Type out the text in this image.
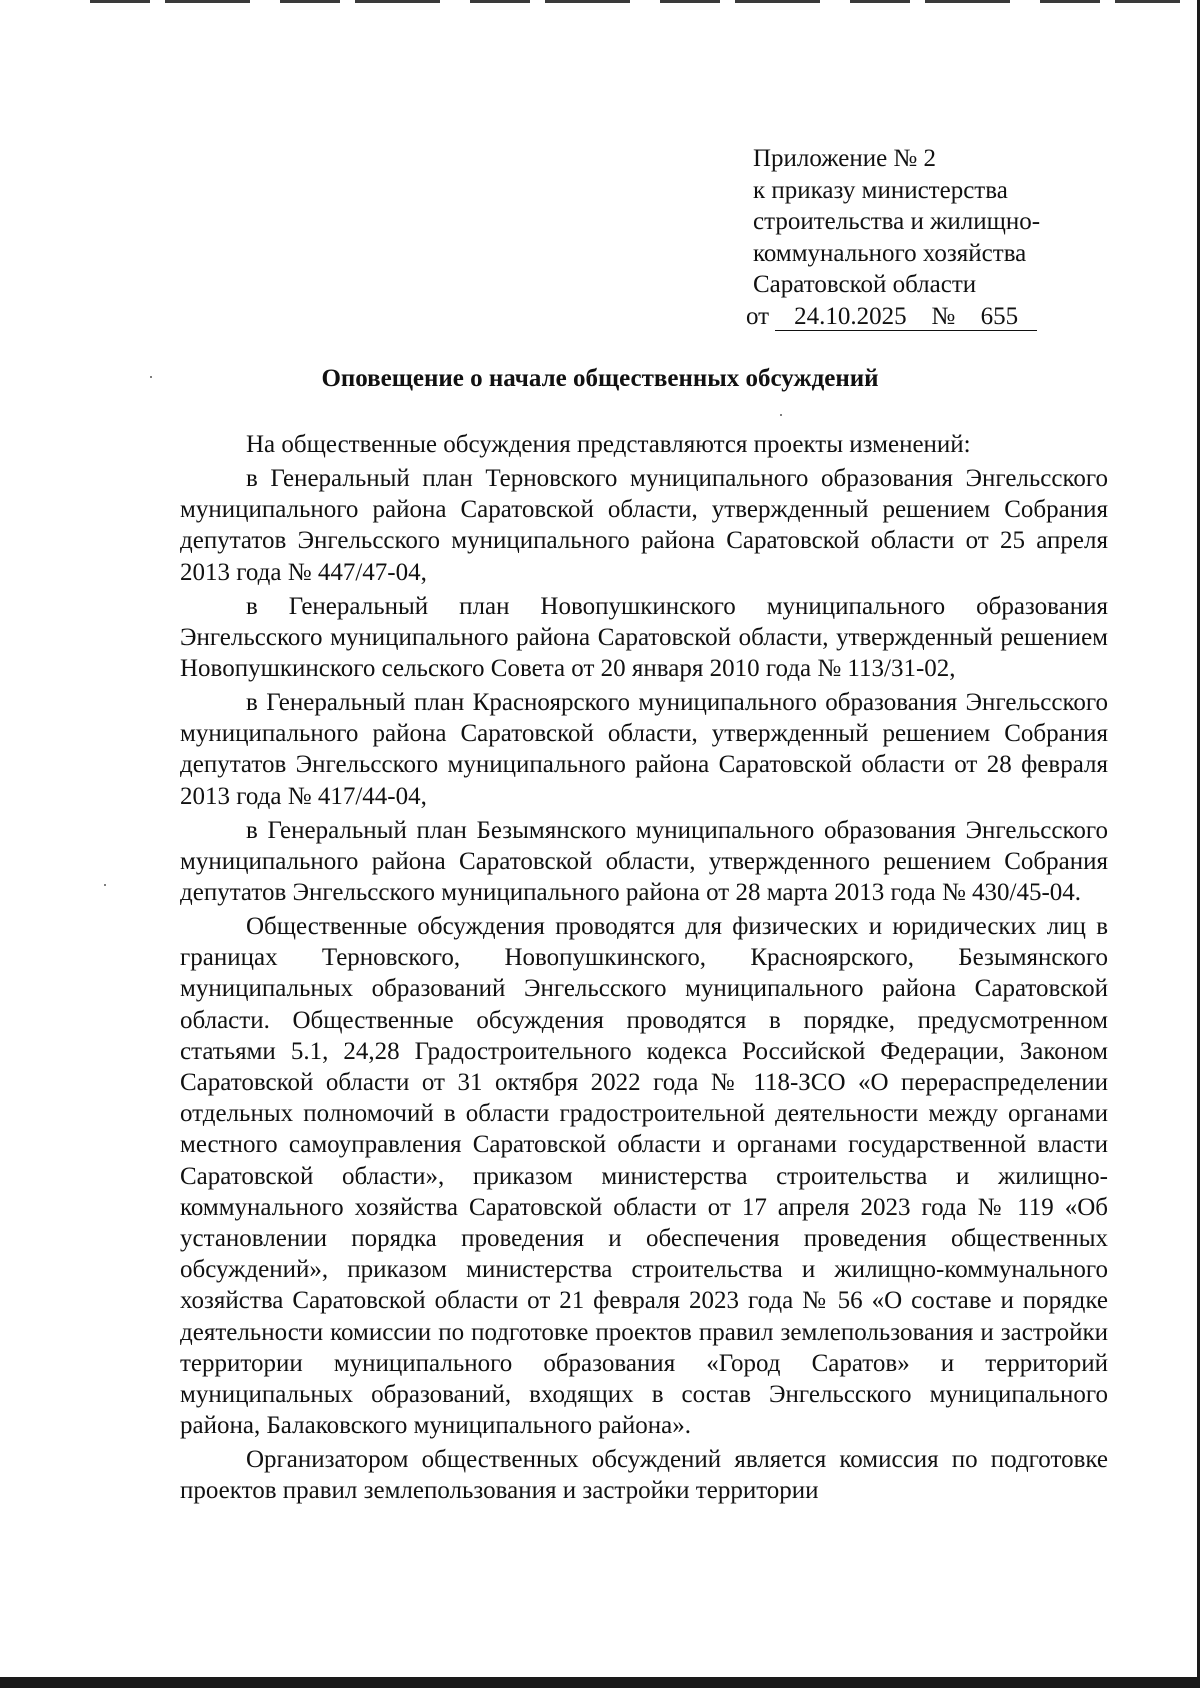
Приложение № 2
к приказу министерства
строительства и жилищно-
коммунального хозяйства
Саратовской области
от 24.10.2025 № 655
Оповещение о начале общественных обсуждений

На общественные обсуждения представляются проекты изменений:

в Генеральный план Терновского муниципального образования Энгельсского муниципального района Саратовской области, утвержденный решением Собрания депутатов Энгельсского муниципального района Саратовской области от 25 апреля 2013 года № 447/47-04,

в Генеральный план Новопушкинского муниципального образования Энгельсского муниципального района Саратовской области, утвержденный решением Новопушкинского сельского Совета от 20 января 2010 года № 113/31-02,

в Генеральный план Красноярского муниципального образования Энгельсского муниципального района Саратовской области, утвержденный решением Собрания депутатов Энгельсского муниципального района Саратовской области от 28 февраля 2013 года № 417/44-04,

в Генеральный план Безымянского муниципального образования Энгельсского муниципального района Саратовской области, утвержденного решением Собрания депутатов Энгельсского муниципального района от 28 марта 2013 года № 430/45-04.

Общественные обсуждения проводятся для физических и юридических лиц в границах Терновского, Новопушкинского, Красноярского, Безымянского муниципальных образований Энгельсского муниципального района Саратовской области. Общественные обсуждения проводятся в порядке, предусмотренном статьями 5.1, 24,28 Градостроительного кодекса Российской Федерации, Законом Саратовской области от 31 октября 2022 года № 118-ЗСО «О перераспределении отдельных полномочий в области градостроительной деятельности между органами местного самоуправления Саратовской области и органами государственной власти Саратовской области», приказом министерства строительства и жилищно-коммунального хозяйства Саратовской области от 17 апреля 2023 года № 119 «Об установлении порядка проведения и обеспечения проведения общественных обсуждений», приказом министерства строительства и жилищно-коммунального хозяйства Саратовской области от 21 февраля 2023 года № 56 «О составе и порядке деятельности комиссии по подготовке проектов правил землепользования и застройки территории муниципального образования «Город Саратов» и территорий муниципальных образований, входящих в состав Энгельсского муниципального района, Балаковского муниципального района».

Организатором общественных обсуждений является комиссия по подготовке проектов правил землепользования и застройки территории
